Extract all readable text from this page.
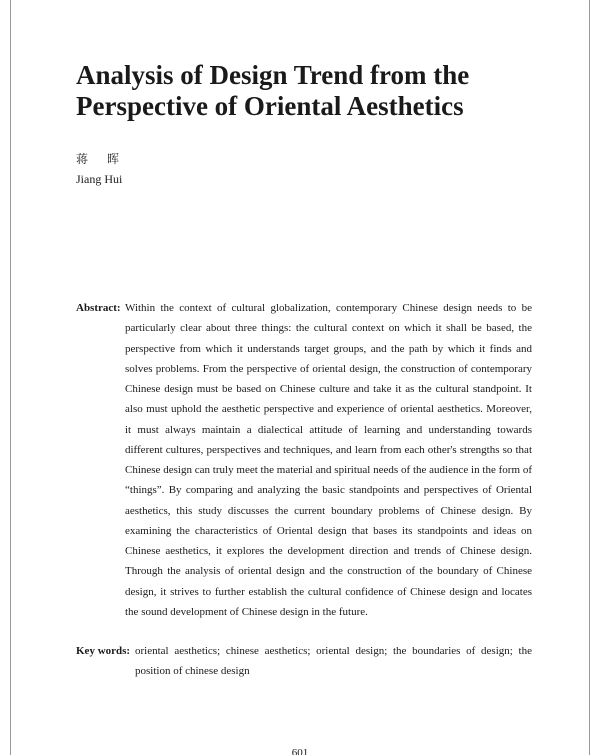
Analysis of Design Trend from the
Perspective of Oriental Aesthetics
蒋 晖
Jiang Hui
Abstract: Within the context of cultural globalization, contemporary Chinese design needs to be particularly clear about three things: the cultural context on which it shall be based, the perspective from which it understands target groups, and the path by which it finds and solves problems. From the perspective of oriental design, the construction of contemporary Chinese design must be based on Chinese culture and take it as the cultural standpoint. It also must uphold the aesthetic perspective and experience of oriental aesthetics. Moreover, it must always maintain a dialectical attitude of learning and understanding towards different cultures, perspectives and techniques, and learn from each other's strengths so that Chinese design can truly meet the material and spiritual needs of the audience in the form of “things”. By comparing and analyzing the basic standpoints and perspectives of Oriental aesthetics, this study discusses the current boundary problems of Chinese design. By examining the characteristics of Oriental design that bases its standpoints and ideas on Chinese aesthetics, it explores the development direction and trends of Chinese design. Through the analysis of oriental design and the construction of the boundary of Chinese design, it strives to further establish the cultural confidence of Chinese design and locates the sound development of Chinese design in the future.

Key words: oriental aesthetics; chinese aesthetics; oriental design; the boundaries of design; the position of chinese design

601
